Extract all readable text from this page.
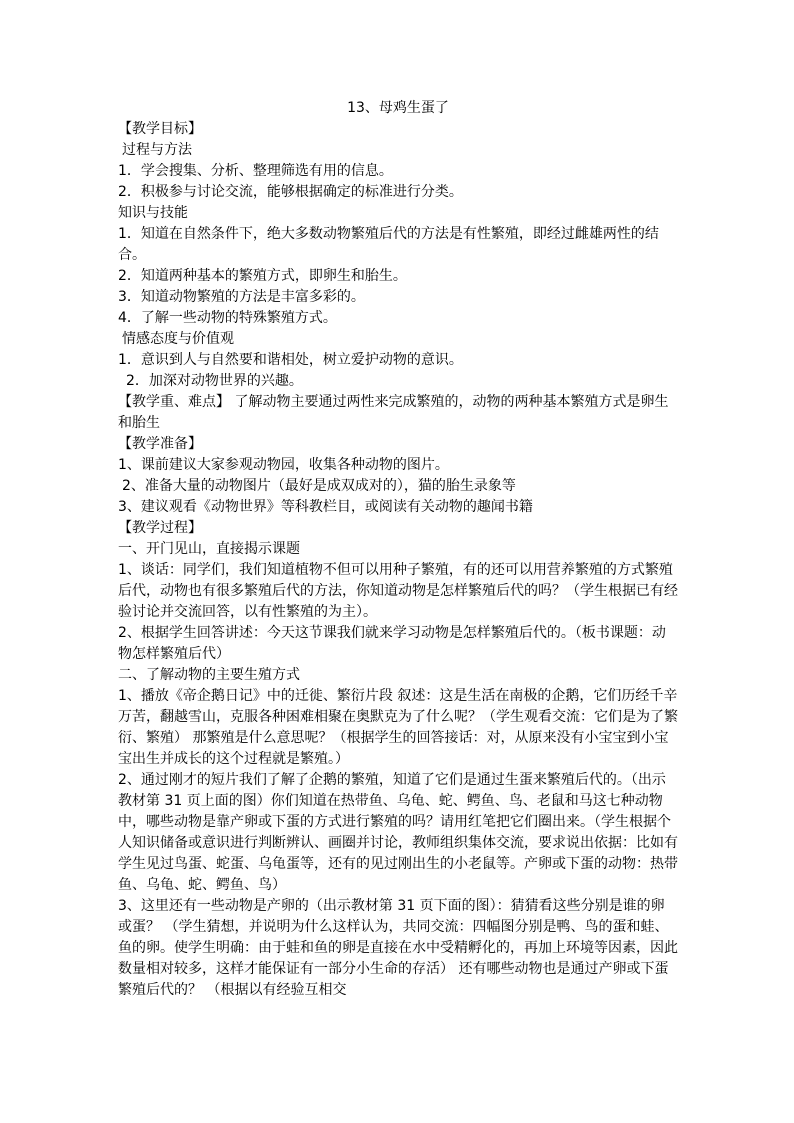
13、母鸡生蛋了

【教学目标】

过程与方法

1．学会搜集、分析、整理筛选有用的信息。

2．积极参与讨论交流，能够根据确定的标准进行分类。

知识与技能

1．知道在自然条件下，绝大多数动物繁殖后代的方法是有性繁殖，即经过雌雄两性的结合。

2．知道两种基本的繁殖方式，即卵生和胎生。

3．知道动物繁殖的方法是丰富多彩的。

4．了解一些动物的特殊繁殖方式。

情感态度与价值观

1．意识到人与自然要和谐相处，树立爱护动物的意识。

2．加深对动物世界的兴趣。

【教学重、难点】 了解动物主要通过两性来完成繁殖的，动物的两种基本繁殖方式是卵生和胎生

【教学准备】

1、课前建议大家参观动物园，收集各种动物的图片。

2、准备大量的动物图片（最好是成双成对的），猫的胎生录象等

3、建议观看《动物世界》等科教栏目，或阅读有关动物的趣闻书籍

【教学过程】

一、开门见山，直接揭示课题

1、谈话：同学们，我们知道植物不但可以用种子繁殖，有的还可以用营养繁殖的方式繁殖后代，动物也有很多繁殖后代的方法，你知道动物是怎样繁殖后代的吗？（学生根据已有经验讨论并交流回答，以有性繁殖的为主）。

2、根据学生回答讲述：今天这节课我们就来学习动物是怎样繁殖后代的。（板书课题：动物怎样繁殖后代）

二、了解动物的主要生殖方式

1、播放《帝企鹅日记》中的迁徙、繁衍片段 叙述：这是生活在南极的企鹅，它们历经千辛万苦，翻越雪山，克服各种困难相聚在奥默克为了什么呢？（学生观看交流：它们是为了繁衍、繁殖） 那繁殖是什么意思呢？（根据学生的回答接话：对，从原来没有小宝宝到小宝宝出生并成长的这个过程就是繁殖。）

2、通过刚才的短片我们了解了企鹅的繁殖，知道了它们是通过生蛋来繁殖后代的。（出示教材第 31 页上面的图）你们知道在热带鱼、乌龟、蛇、鳄鱼、鸟、老鼠和马这七种动物中，哪些动物是靠产卵或下蛋的方式进行繁殖的吗？请用红笔把它们圈出来。（学生根据个人知识储备或意识进行判断辨认、画圈并讨论，教师组织集体交流，要求说出依据：比如有学生见过鸟蛋、蛇蛋、乌龟蛋等，还有的见过刚出生的小老鼠等。产卵或下蛋的动物：热带鱼、乌龟、蛇、鳄鱼、鸟）

3、这里还有一些动物是产卵的（出示教材第 31 页下面的图）：猜猜看这些分别是谁的卵或蛋？ （学生猜想，并说明为什么这样认为，共同交流：四幅图分别是鸭、鸟的蛋和蛙、鱼的卵。使学生明确：由于蛙和鱼的卵是直接在水中受精孵化的，再加上环境等因素，因此数量相对较多，这样才能保证有一部分小生命的存活） 还有哪些动物也是通过产卵或下蛋繁殖后代的？ （根据以有经验互相交
